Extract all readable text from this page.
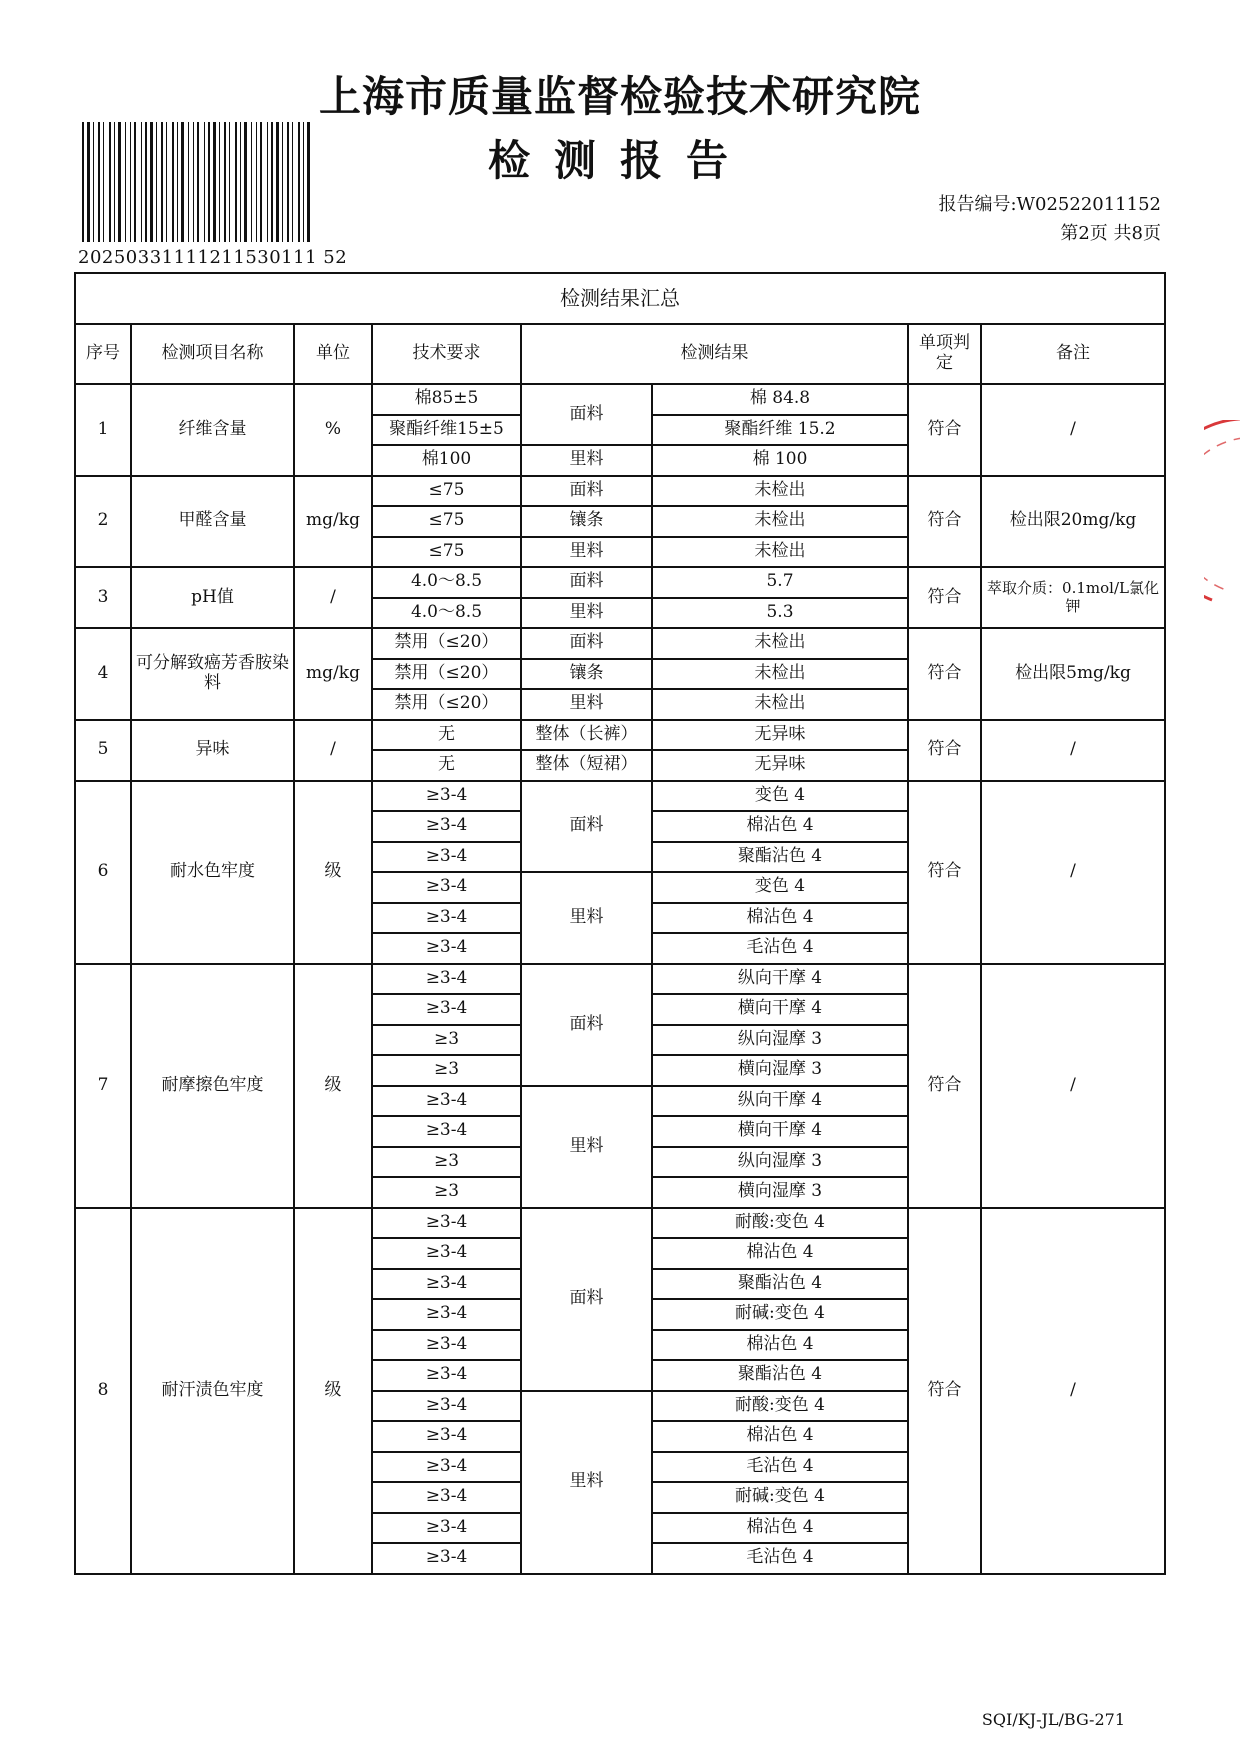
上海市质量监督检验技术研究院
检测报告
20250331111211530111 52
报告编号:W02522011152
第2页 共8页
检测结果汇总							
序号	检测项目名称	单位	技术要求	检测结果		单项判定	备注
1	纤维含量	%	棉85±5	面料	棉 84.8	符合	/
			聚酯纤维15±5		聚酯纤维 15.2		
			棉100	里料	棉 100		
2	甲醛含量	mg/kg	≤75	面料	未检出	符合	检出限20mg/kg
			≤75	镶条	未检出		
			≤75	里料	未检出		
3	pH值	/	4.0～8.5	面料	5.7	符合	萃取介质：0.1mol/L氯化钾
			4.0～8.5	里料	5.3		
4	可分解致癌芳香胺染料	mg/kg	禁用（≤20）	面料	未检出	符合	检出限5mg/kg
			禁用（≤20）	镶条	未检出		
			禁用（≤20）	里料	未检出		
5	异味	/	无	整体（长裤）	无异味	符合	/
			无	整体（短裙）	无异味		
6	耐水色牢度	级	≥3-4	面料	变色 4	符合	/
			≥3-4		棉沾色 4		
			≥3-4		聚酯沾色 4		
			≥3-4	里料	变色 4		
			≥3-4		棉沾色 4		
			≥3-4		毛沾色 4		
7	耐摩擦色牢度	级	≥3-4	面料	纵向干摩 4	符合	/
			≥3-4		横向干摩 4		
			≥3		纵向湿摩 3		
			≥3		横向湿摩 3		
			≥3-4	里料	纵向干摩 4		
			≥3-4		横向干摩 4		
			≥3		纵向湿摩 3		
			≥3		横向湿摩 3		
8	耐汗渍色牢度	级	≥3-4	面料	耐酸:变色 4	符合	/
			≥3-4		棉沾色 4		
			≥3-4		聚酯沾色 4		
			≥3-4		耐碱:变色 4		
			≥3-4		棉沾色 4		
			≥3-4		聚酯沾色 4		
			≥3-4	里料	耐酸:变色 4		
			≥3-4		棉沾色 4		
			≥3-4		毛沾色 4		
			≥3-4		耐碱:变色 4		
			≥3-4		棉沾色 4		
			≥3-4		毛沾色 4		
SQI/KJ-JL/BG-271
